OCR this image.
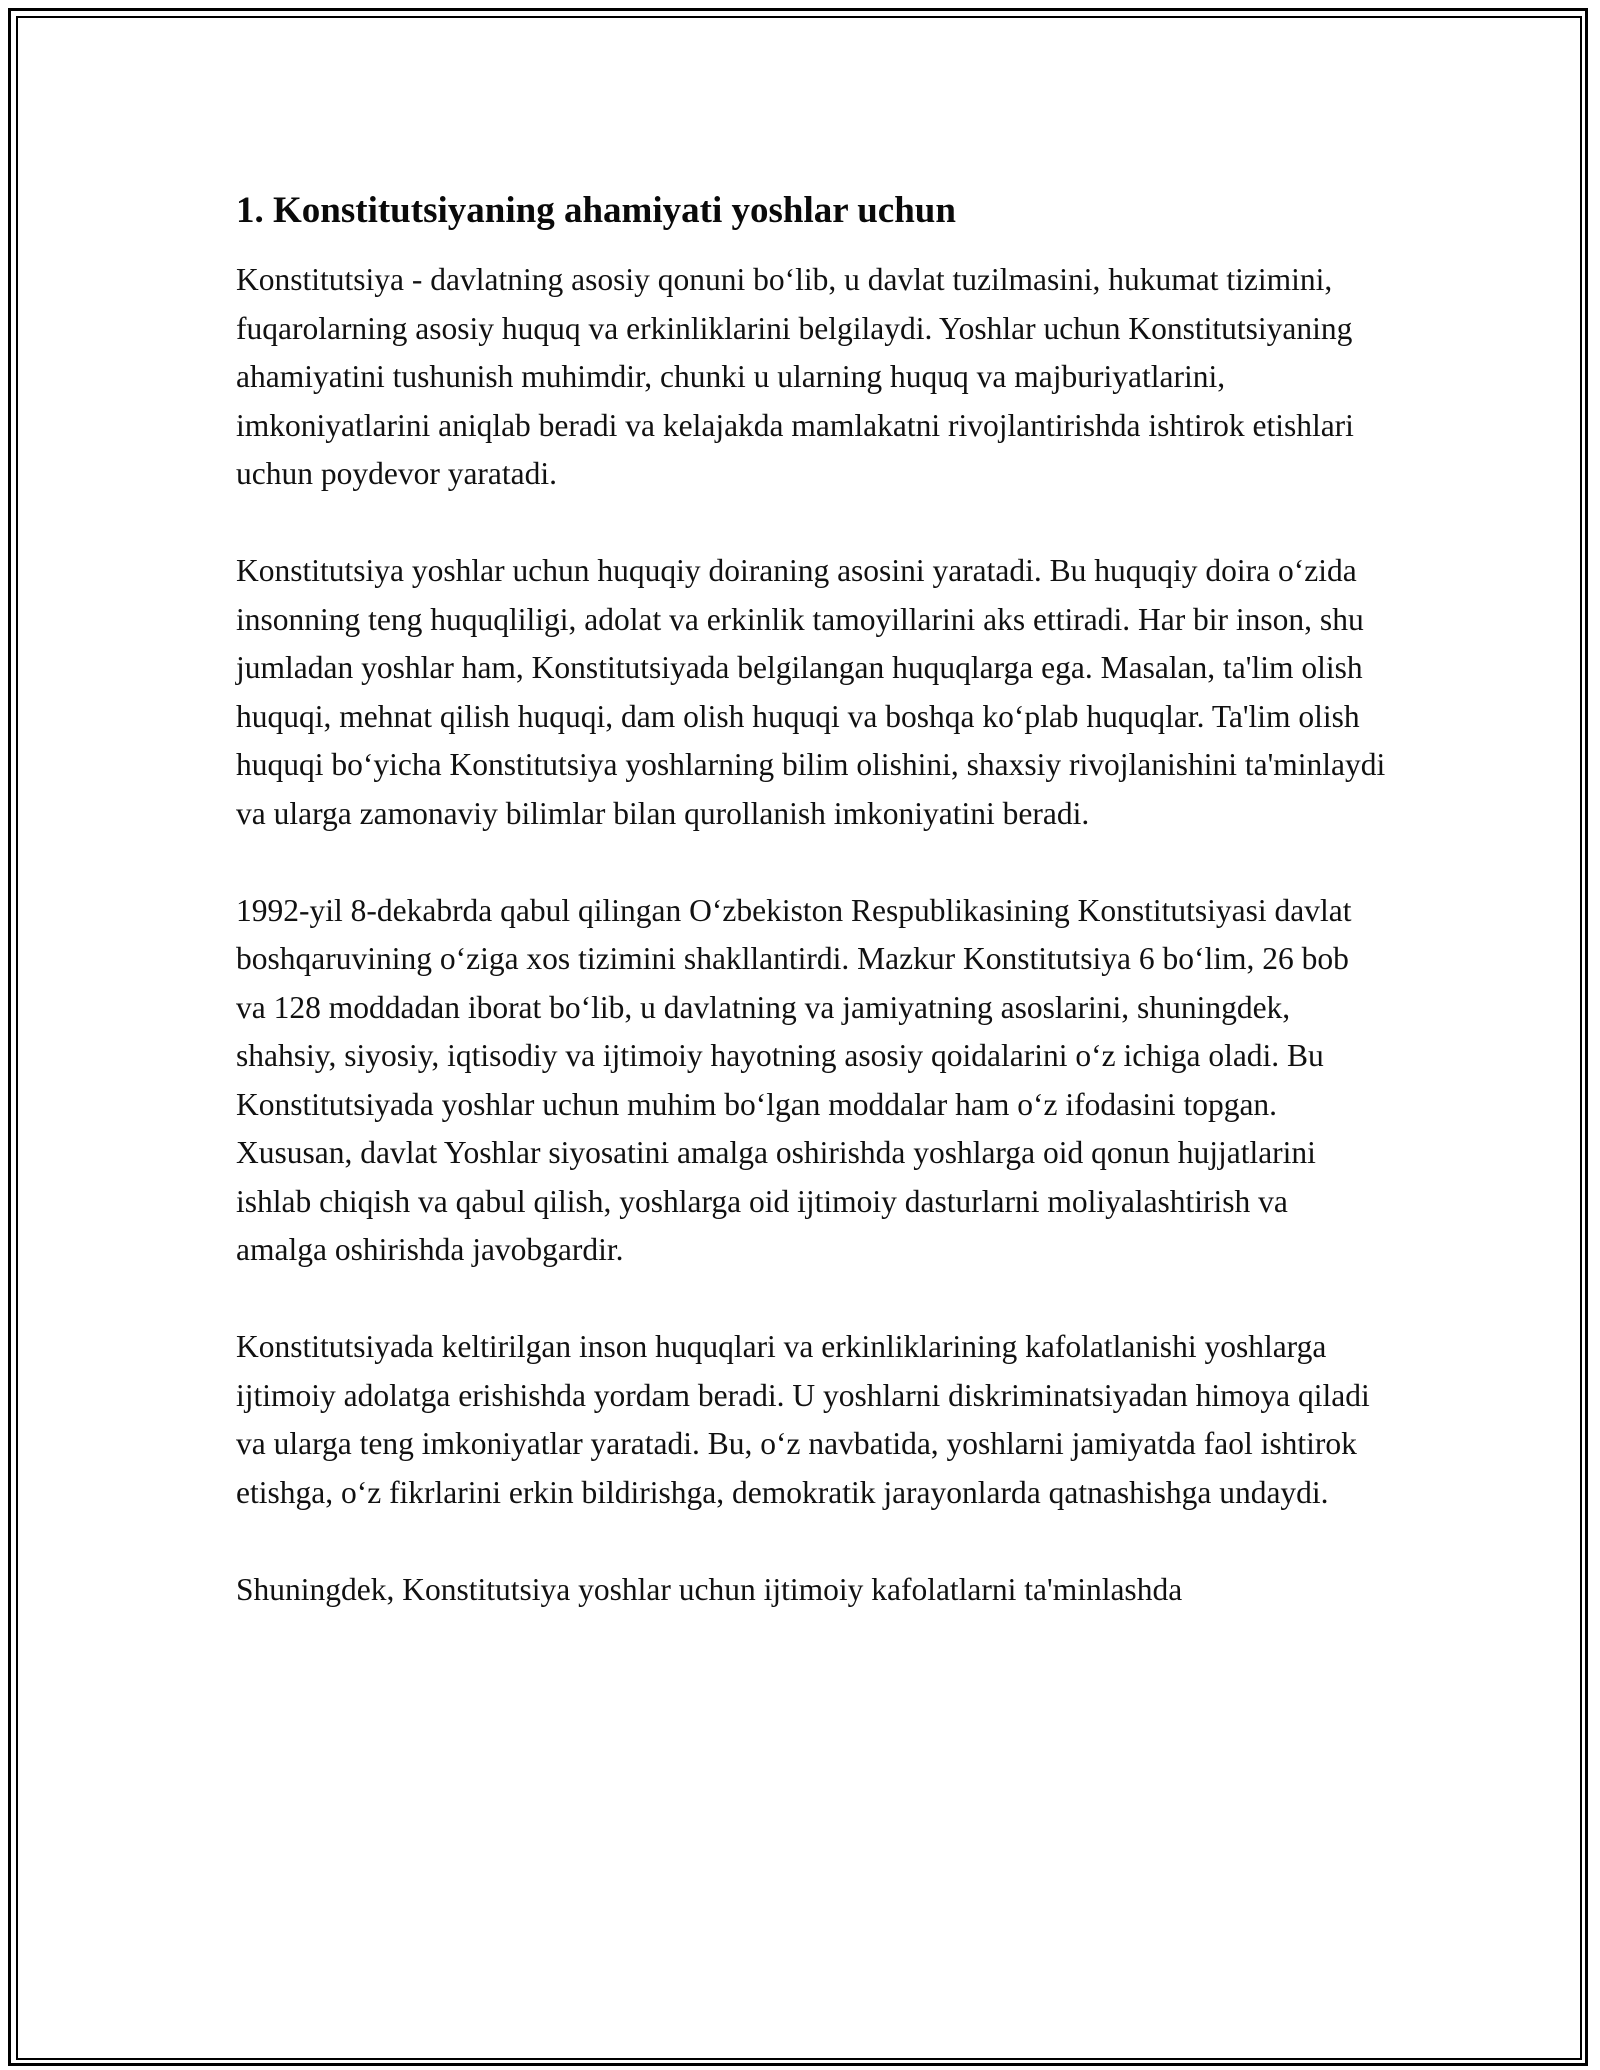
1. Konstitutsiyaning ahamiyati yoshlar uchun

Konstitutsiya - davlatning asosiy qonuni bo‘lib, u davlat tuzilmasini, hukumat tizimini, fuqarolarning asosiy huquq va erkinliklarini belgilaydi. Yoshlar uchun Konstitutsiyaning ahamiyatini tushunish muhimdir, chunki u ularning huquq va majburiyatlarini, imkoniyatlarini aniqlab beradi va kelajakda mamlakatni rivojlantirishda ishtirok etishlari uchun poydevor yaratadi.

Konstitutsiya yoshlar uchun huquqiy doiraning asosini yaratadi. Bu huquqiy doira o‘zida insonning teng huquqliligi, adolat va erkinlik tamoyillarini aks ettiradi. Har bir inson, shu jumladan yoshlar ham, Konstitutsiyada belgilangan huquqlarga ega. Masalan, ta'lim olish huquqi, mehnat qilish huquqi, dam olish huquqi va boshqa ko‘plab huquqlar. Ta'lim olish huquqi bo‘yicha Konstitutsiya yoshlarning bilim olishini, shaxsiy rivojlanishini ta'minlaydi va ularga zamonaviy bilimlar bilan qurollanish imkoniyatini beradi.

1992-yil 8-dekabrda qabul qilingan O‘zbekiston Respublikasining Konstitutsiyasi davlat boshqaruvining o‘ziga xos tizimini shakllantirdi. Mazkur Konstitutsiya 6 bo‘lim, 26 bob va 128 moddadan iborat bo‘lib, u davlatning va jamiyatning asoslarini, shuningdek, shahsiy, siyosiy, iqtisodiy va ijtimoiy hayotning asosiy qoidalarini o‘z ichiga oladi. Bu Konstitutsiyada yoshlar uchun muhim bo‘lgan moddalar ham o‘z ifodasini topgan. Xususan, davlat Yoshlar siyosatini amalga oshirishda yoshlarga oid qonun hujjatlarini ishlab chiqish va qabul qilish, yoshlarga oid ijtimoiy dasturlarni moliyalashtirish va amalga oshirishda javobgardir.

Konstitutsiyada keltirilgan inson huquqlari va erkinliklarining kafolatlanishi yoshlarga ijtimoiy adolatga erishishda yordam beradi. U yoshlarni diskriminatsiyadan himoya qiladi va ularga teng imkoniyatlar yaratadi. Bu, o‘z navbatida, yoshlarni jamiyatda faol ishtirok etishga, o‘z fikrlarini erkin bildirishga, demokratik jarayonlarda qatnashishga undaydi.

Shuningdek, Konstitutsiya yoshlar uchun ijtimoiy kafolatlarni ta'minlashda
